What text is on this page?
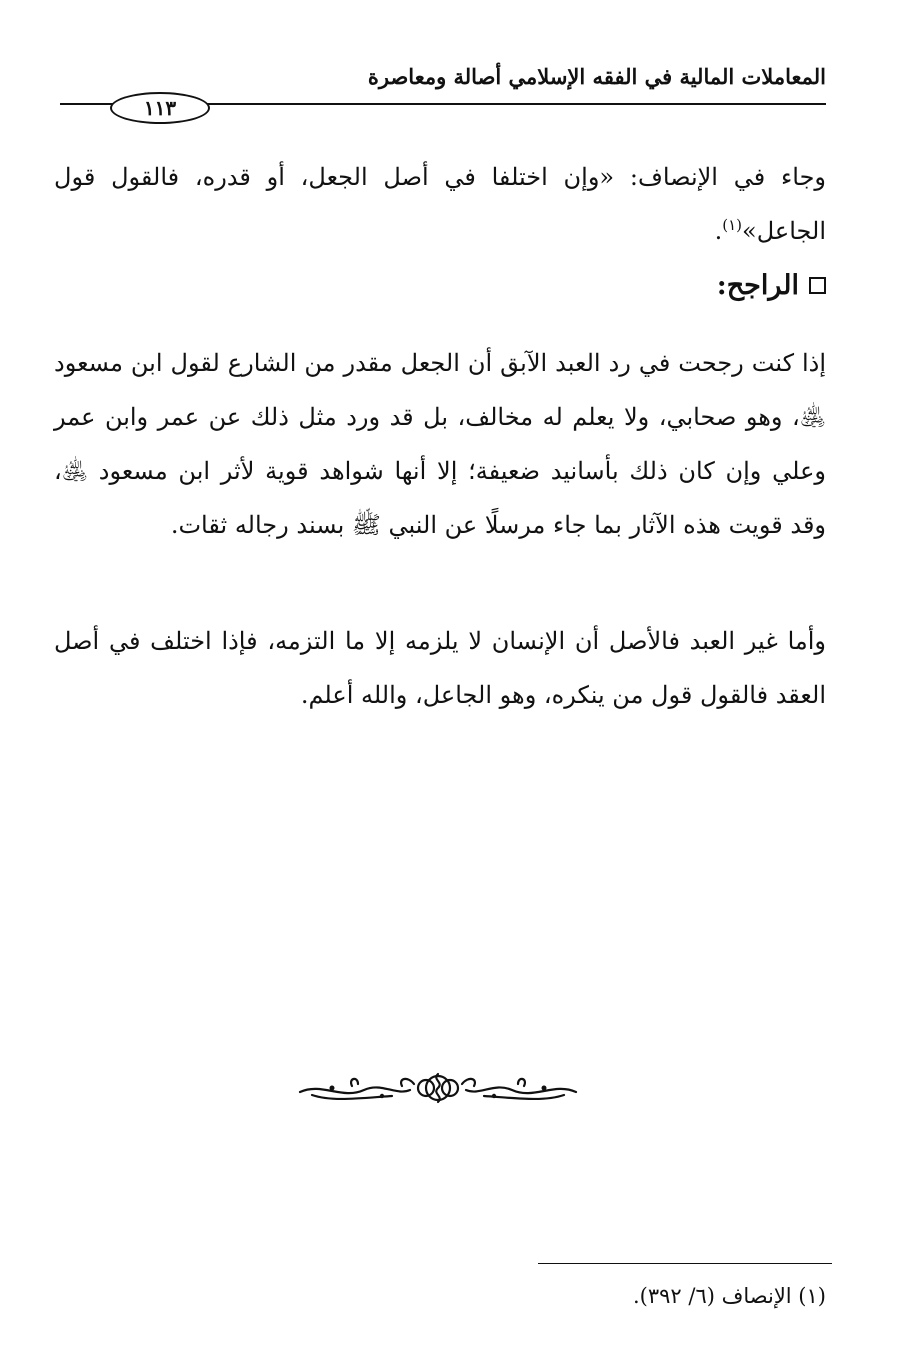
المعاملات المالية في الفقه الإسلامي أصالة ومعاصرة
١١٣
وجاء في الإنصاف: «وإن اختلفا في أصل الجعل، أو قدره، فالقول قول الجاعل»$^{(١)}$.
الراجح:
إذا كنت رجحت في رد العبد الآبق أن الجعل مقدر من الشارع لقول ابن مسعود ﵁، وهو صحابي، ولا يعلم له مخالف، بل قد ورد مثل ذلك عن عمر وابن عمر وعلي وإن كان ذلك بأسانيد ضعيفة؛ إلا أنها شواهد قوية لأثر ابن مسعود ﵁، وقد قويت هذه الآثار بما جاء مرسلًا عن النبي ﷺ بسند رجاله ثقات.
وأما غير العبد فالأصل أن الإنسان لا يلزمه إلا ما التزمه، فإذا اختلف في أصل العقد فالقول قول من ينكره، وهو الجاعل، والله أعلم.
(١) الإنصاف (٦/ ٣٩٢).
